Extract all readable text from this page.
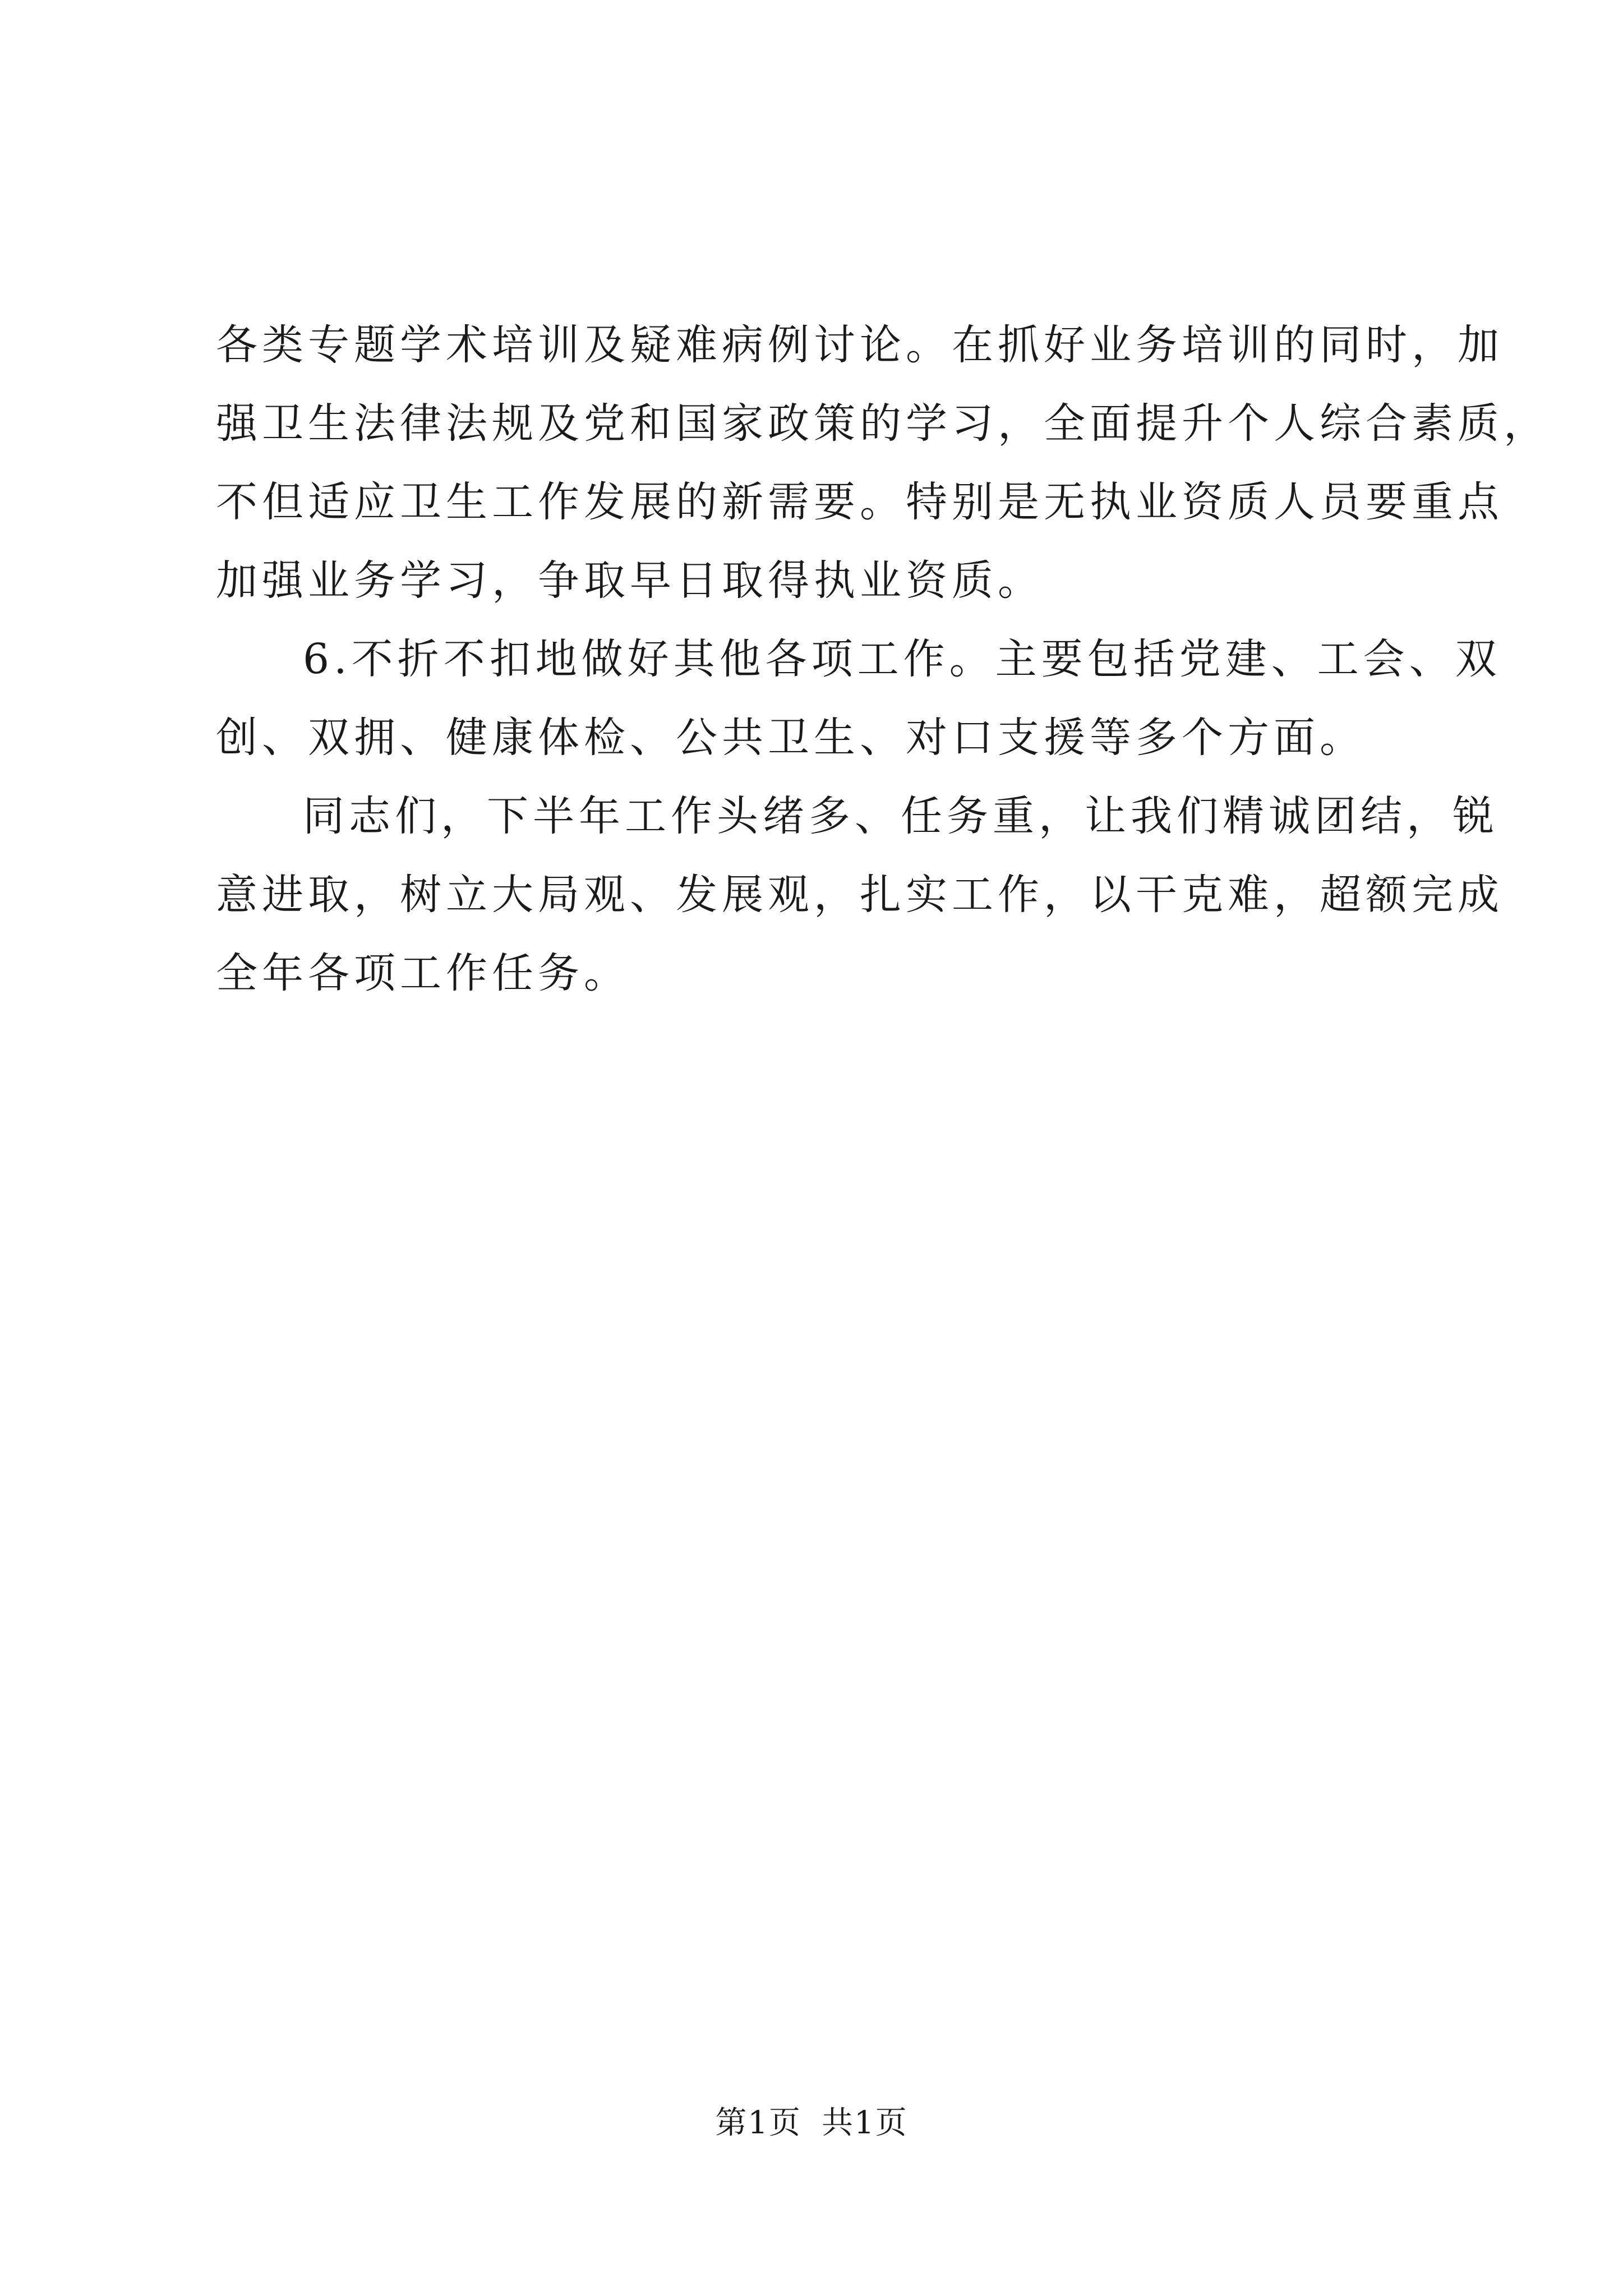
各类专题学术培训及疑难病例讨论。在抓好业务培训的同时，加
强卫生法律法规及党和国家政策的学习，全面提升个人综合素质，
不但适应卫生工作发展的新需要。特别是无执业资质人员要重点
加强业务学习，争取早日取得执业资质。
6.不折不扣地做好其他各项工作。主要包括党建、工会、双
创、双拥、健康体检、公共卫生、对口支援等多个方面。
同志们，下半年工作头绪多、任务重，让我们精诚团结，锐
意进取，树立大局观、发展观，扎实工作，以干克难，超额完成
全年各项工作任务。
第1页 共1页
